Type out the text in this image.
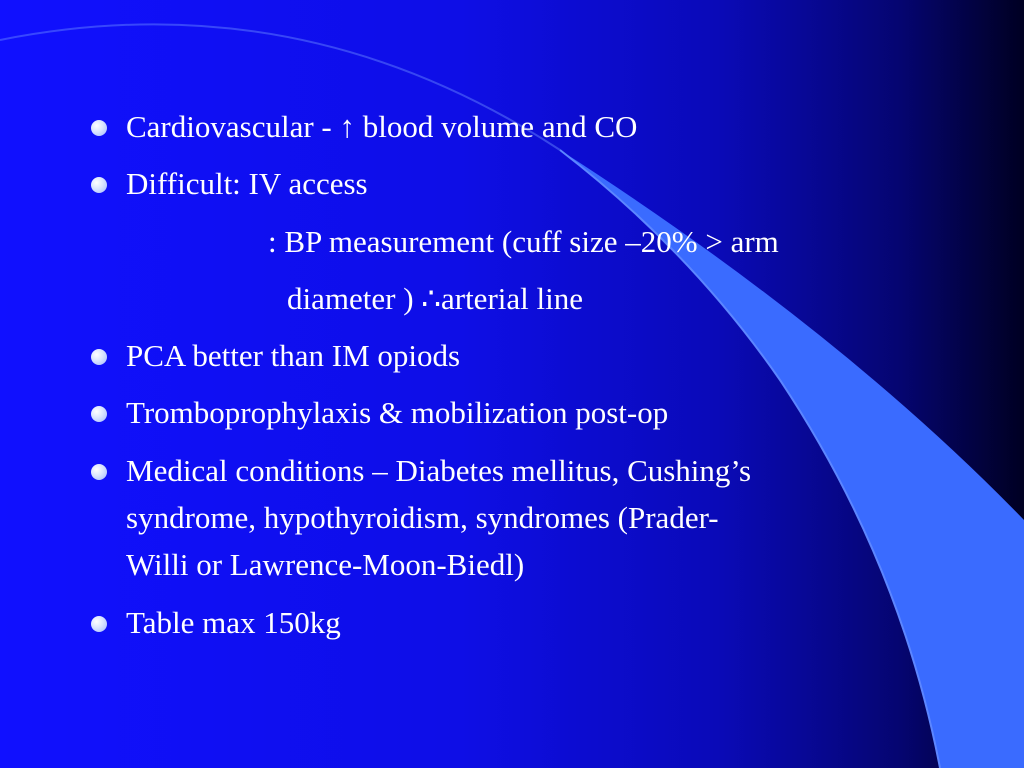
Cardiovascular - ↑ blood volume and CO
Difficult: IV access
: BP measurement (cuff size –20% > arm
diameter ) ∴arterial line
PCA better than IM opiods
Tromboprophylaxis & mobilization post-op
Medical conditions – Diabetes mellitus, Cushing’s
syndrome, hypothyroidism, syndromes (Prader-
Willi or Lawrence-Moon-Biedl)
Table max 150kg
